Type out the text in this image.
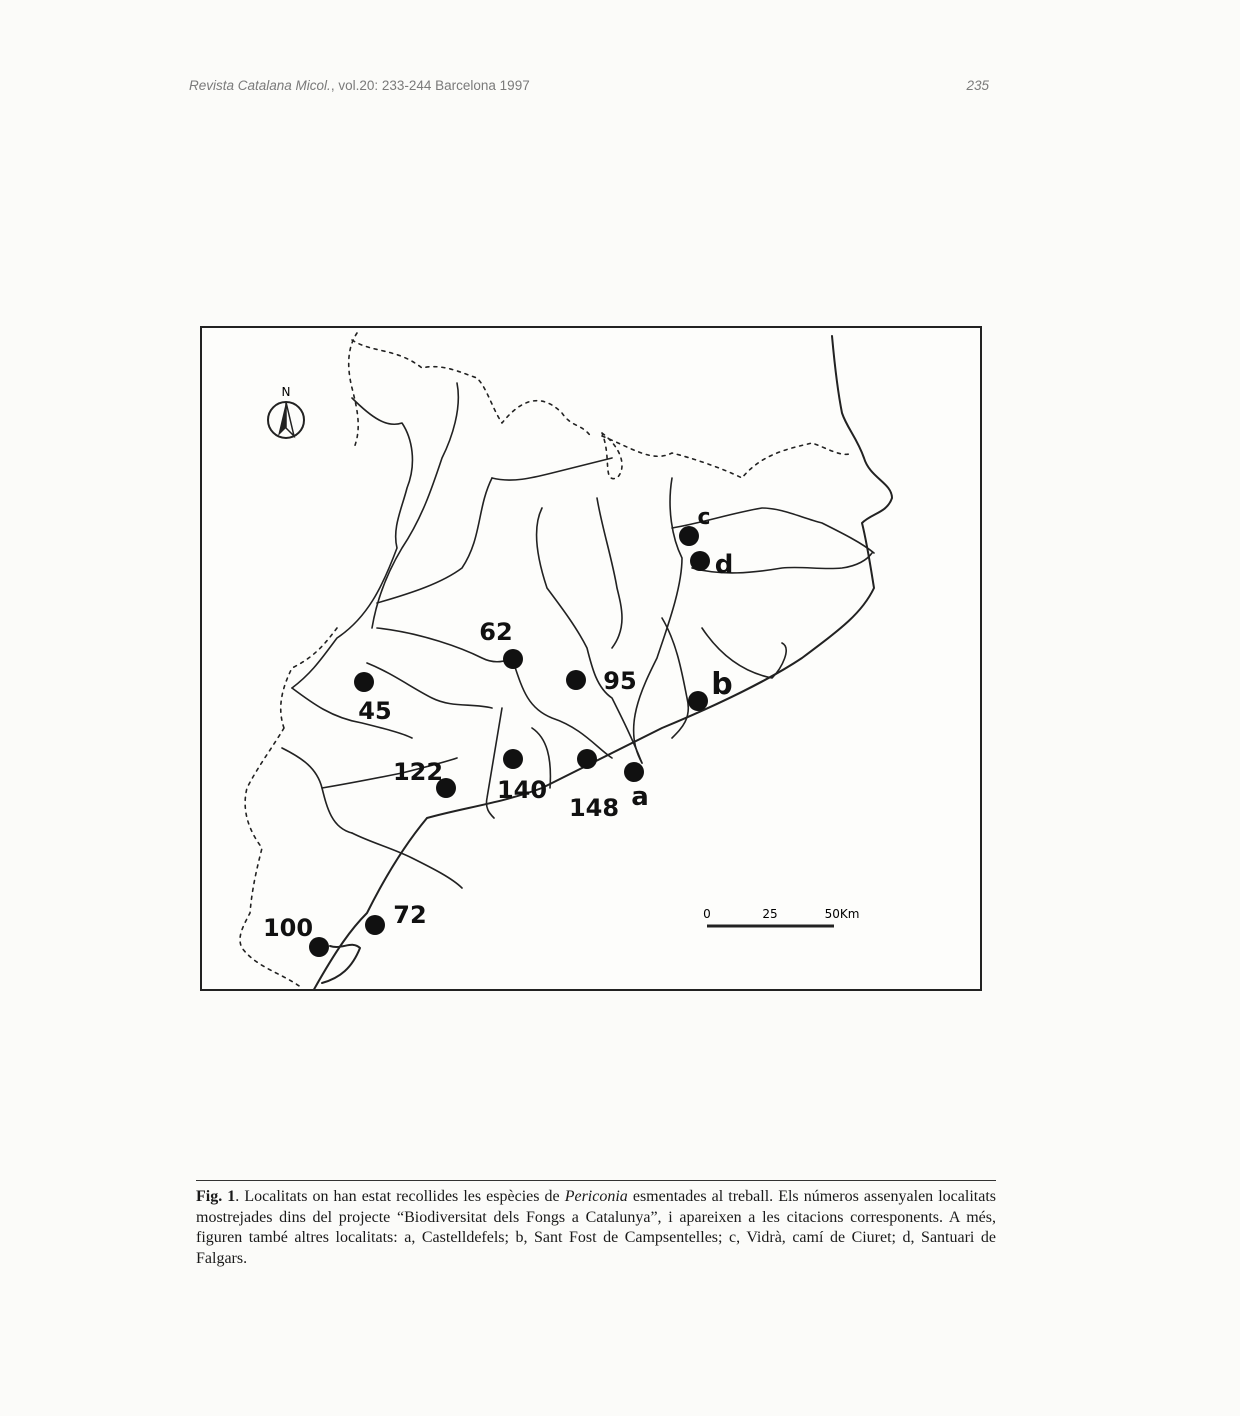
Revista Catalana Micol., vol.20: 233-244 Barcelona 1997	235
N
62
95
45
122
140
148
72
100
a
b
c
d
0	25	50Km
Fig. 1. Localitats on han estat recollides les espècies de Periconia esmentades al treball. Els números assenyalen localitats mostrejades dins del projecte “Biodiversitat dels Fongs a Catalunya”, i apareixen a les citacions corresponents. A més, figuren també altres localitats: a, Castelldefels; b, Sant Fost de Campsentelles; c, Vidrà, camí de Ciuret; d, Santuari de Falgars.
